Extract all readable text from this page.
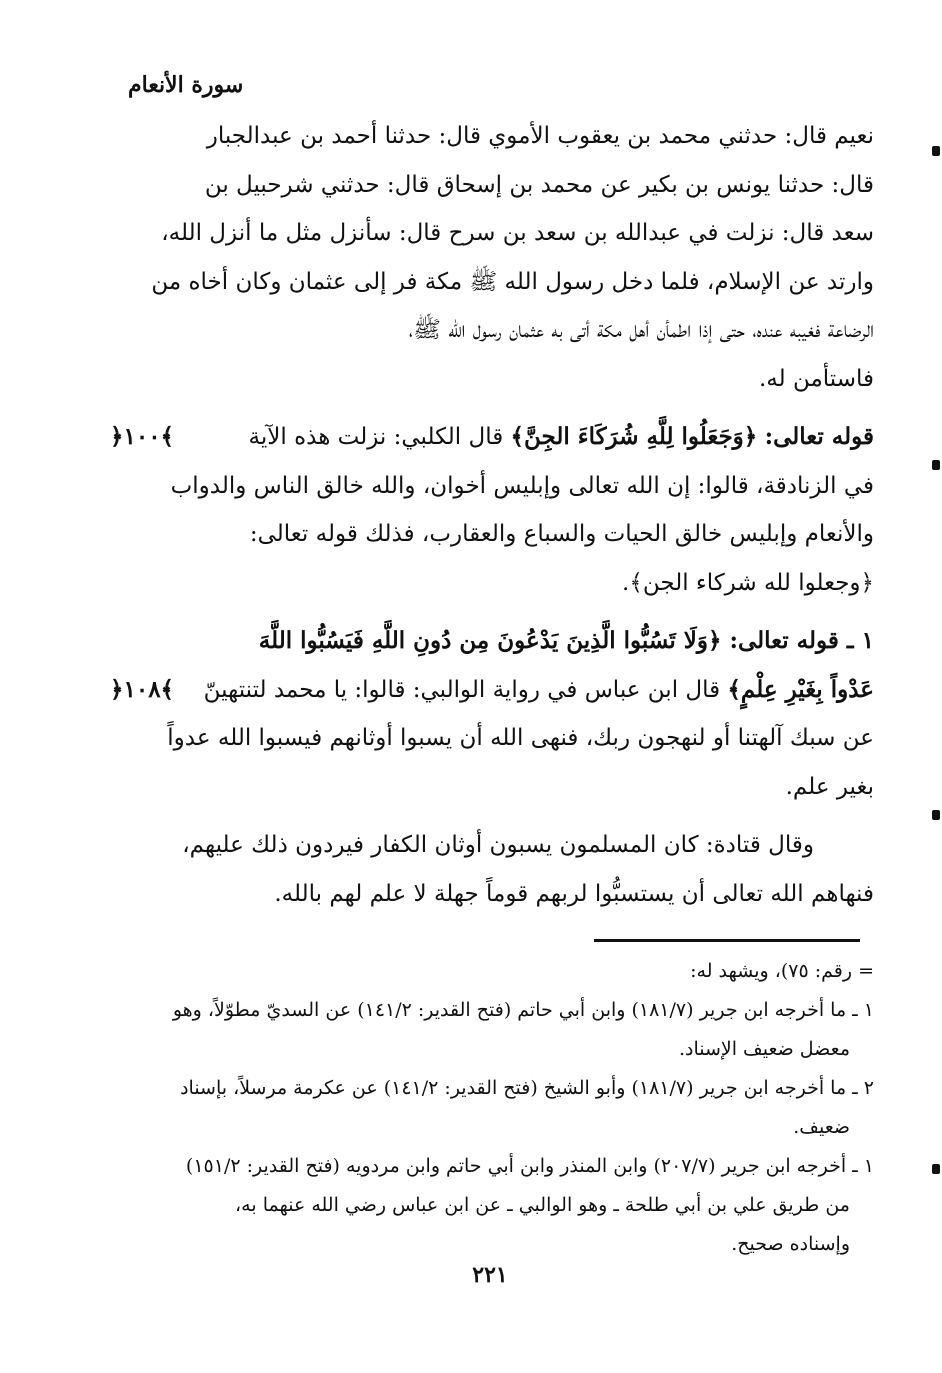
سورة الأنعام
نعيم قال: حدثني محمد بن يعقوب الأموي قال: حدثنا أحمد بن عبدالجبار
قال: حدثنا يونس بن بكير عن محمد بن إسحاق قال: حدثني شرحبيل بن
سعد قال: نزلت في عبدالله بن سعد بن سرح قال: سأنزل مثل ما أنزل الله،
وارتد عن الإسلام، فلما دخل رسول الله ﷺ مكة فر إلى عثمان وكان أخاه من
الرضاعة فغيبه عنده، حتى إذا اطمأن أهل مكة أتى به عثمان رسول الله ﷺ،
فاستأمن له.
﴿١٠٠﴾	قوله تعالى: ﴿وَجَعَلُوا لِلَّهِ شُرَكَاءَ الجِنَّ﴾ قال الكلبي: نزلت هذه الآية
في الزنادقة، قالوا: إن الله تعالى وإبليس أخوان، والله خالق الناس والدواب
والأنعام وإبليس خالق الحيات والسباع والعقارب، فذلك قوله تعالى:
﴿وجعلوا لله شركاء الجن﴾.
١ ـ قوله تعالى: ﴿وَلَا تَسُبُّوا الَّذِينَ يَدْعُونَ مِن دُونِ اللَّهِ فَيَسُبُّوا اللَّهَ
﴿١٠٨﴾	عَدْواً بِغَيْرِ عِلْمٍ﴾ قال ابن عباس في رواية الوالبي: قالوا: يا محمد لتنتهينّ
عن سبك آلهتنا أو لنهجون ربك، فنهى الله أن يسبوا أوثانهم فيسبوا الله عدواً
بغير علم.
وقال قتادة: كان المسلمون يسبون أوثان الكفار فيردون ذلك عليهم،
فنهاهم الله تعالى أن يستسبُّوا لربهم قوماً جهلة لا علم لهم بالله.
= رقم: ٧٥)، ويشهد له:
١ ـ ما أخرجه ابن جرير (١٨١/٧) وابن أبي حاتم (فتح القدير: ١٤١/٢) عن السديّ مطوّلاً، وهو معضل ضعيف الإسناد.
٢ ـ ما أخرجه ابن جرير (١٨١/٧) وأبو الشيخ (فتح القدير: ١٤١/٢) عن عكرمة مرسلاً، بإسناد ضعيف.
١ ـ أخرجه ابن جرير (٢٠٧/٧) وابن المنذر وابن أبي حاتم وابن مردويه (فتح القدير: ١٥١/٢) من طريق علي بن أبي طلحة ـ وهو الوالبي ـ عن ابن عباس رضي الله عنهما به، وإسناده صحيح.
٢٢١
